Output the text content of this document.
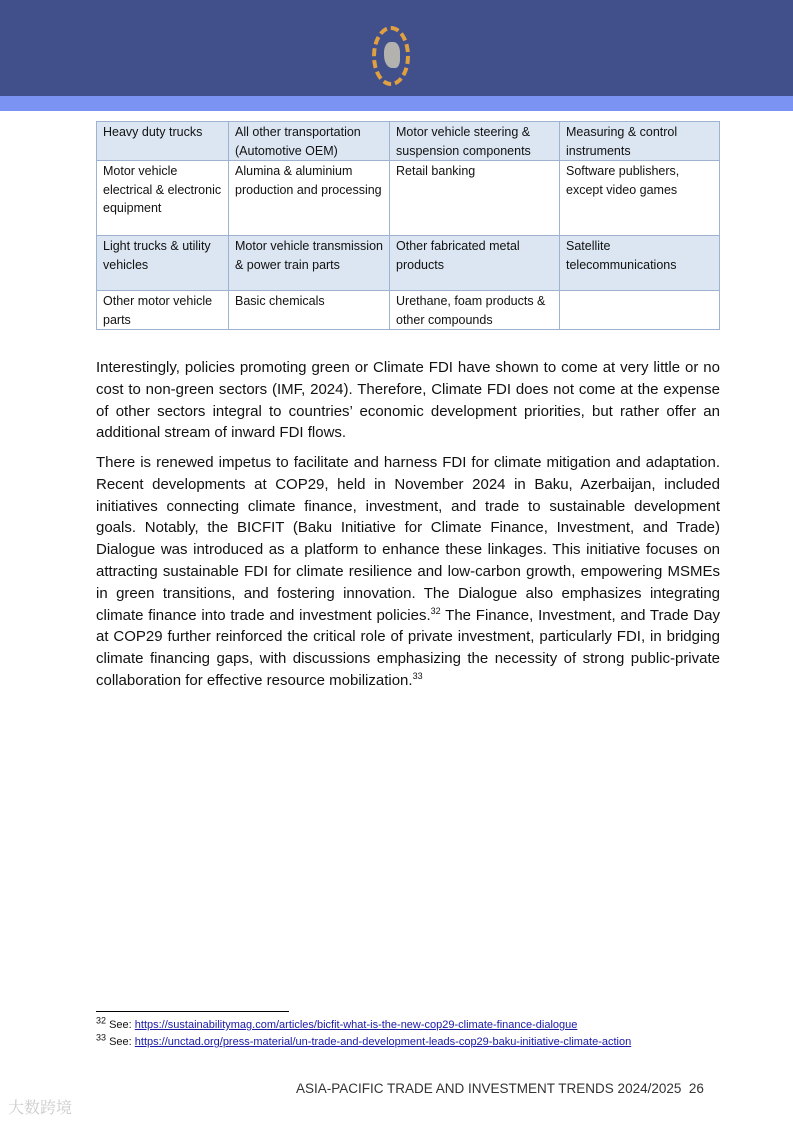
Heavy duty trucks	All other transportation (Automotive OEM)	Motor vehicle steering & suspension components	Measuring & control instruments
Motor vehicle electrical & electronic equipment	Alumina & aluminium production and processing	Retail banking	Software publishers, except video games
Light trucks & utility vehicles	Motor vehicle transmission & power train parts	Other fabricated metal products	Satellite telecommunications
Other motor vehicle parts	Basic chemicals	Urethane, foam products & other compounds	

Interestingly, policies promoting green or Climate FDI have shown to come at very little or no cost to non-green sectors (IMF, 2024). Therefore, Climate FDI does not come at the expense of other sectors integral to countries’ economic development priorities, but rather offer an additional stream of inward FDI flows.

There is renewed impetus to facilitate and harness FDI for climate mitigation and adaptation. Recent developments at COP29, held in November 2024 in Baku, Azerbaijan, included initiatives connecting climate finance, investment, and trade to sustainable development goals. Notably, the BICFIT (Baku Initiative for Climate Finance, Investment, and Trade) Dialogue was introduced as a platform to enhance these linkages. This initiative focuses on attracting sustainable FDI for climate resilience and low-carbon growth, empowering MSMEs in green transitions, and fostering innovation. The Dialogue also emphasizes integrating climate finance into trade and investment policies.$^{32}$ The Finance, Investment, and Trade Day at COP29 further reinforced the critical role of private investment, particularly FDI, in bridging climate financing gaps, with discussions emphasizing the necessity of strong public-private collaboration for effective resource mobilization.$^{33}$

$^{32}$ See: https://sustainabilitymag.com/articles/bicfit-what-is-the-new-cop29-climate-finance-dialogue
$^{33}$ See: https://unctad.org/press-material/un-trade-and-development-leads-cop29-baku-initiative-climate-action
ASIA-PACIFIC TRADE AND INVESTMENT TRENDS 2024/2025 26
大数跨境
